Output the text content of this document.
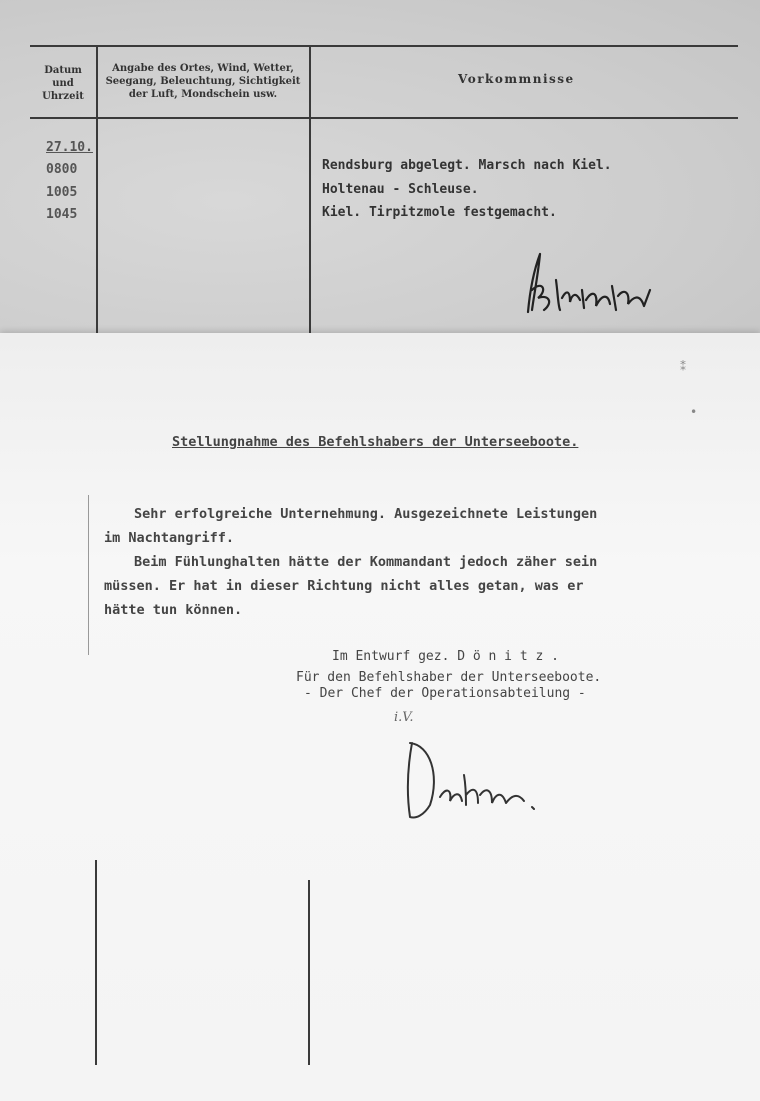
Datum
und
Uhrzeit
Angabe des Ortes, Wind, Wetter,
Seegang, Beleuchtung, Sichtigkeit
der Luft, Mondschein usw.
Vorkommnisse
27.10.
0800
1005
1045
Rendsburg abgelegt. Marsch nach Kiel.
Holtenau - Schleuse.
Kiel. Tirpitzmole festgemacht.
⁑
•
Stellungnahme des Befehlshabers der Unterseeboote.
Sehr erfolgreiche Unternehmung. Ausgezeichnete Leistungen
im Nachtangriff.
Beim Fühlunghalten hätte der Kommandant jedoch zäher sein
müssen. Er hat in dieser Richtung nicht alles getan, was er
hätte tun können.
Im Entwurf gez. D ö n i t z .
Für den Befehlshaber der Unterseeboote.
- Der Chef der Operationsabteilung -
i.V.
